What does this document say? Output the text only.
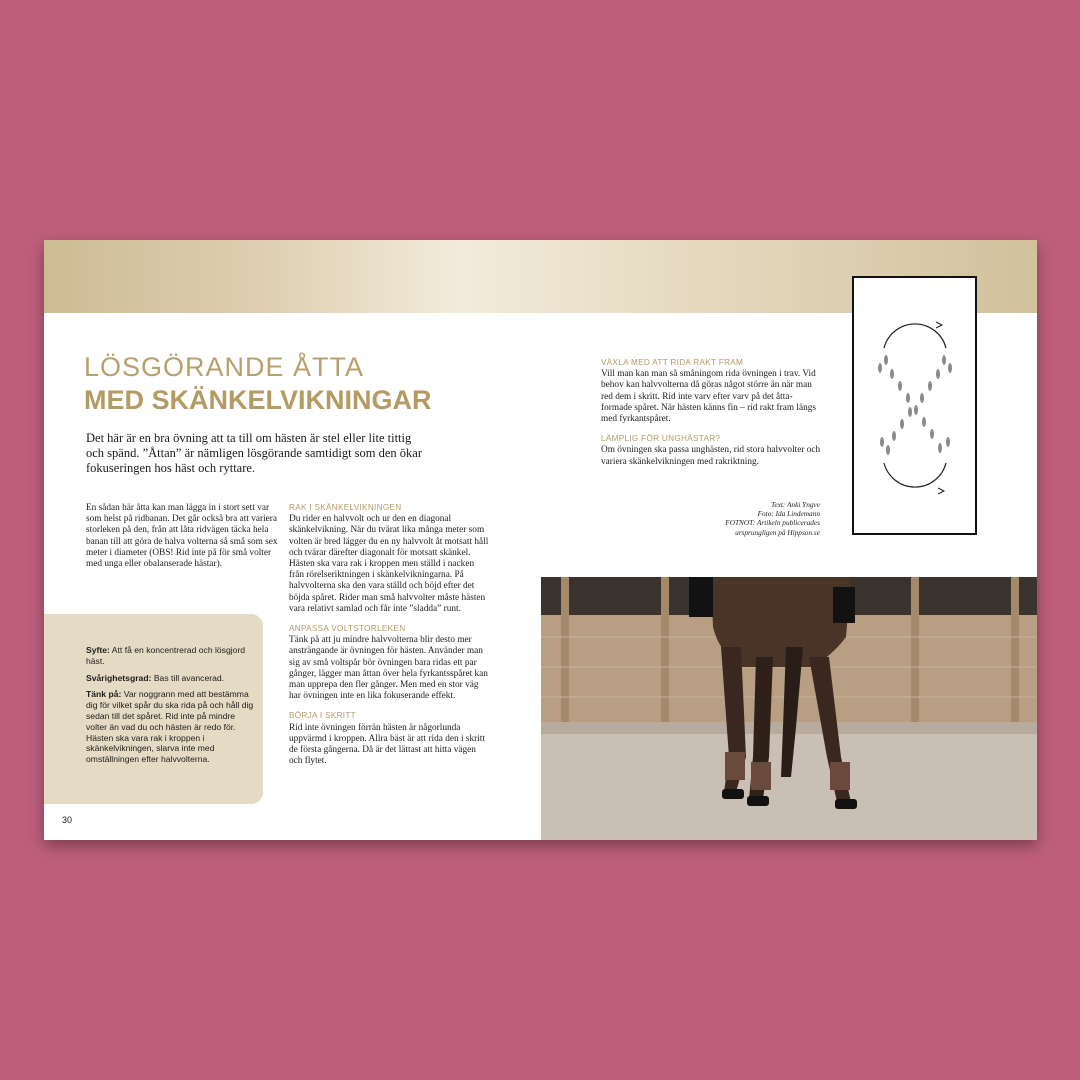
LÖSGÖRANDE ÅTTA
MED SKÄNKELVIKNINGAR
Det här är en bra övning att ta till om hästen är stel eller lite tittig och spänd. ”Åttan” är nämligen lösgörande samtidigt som den ökar fokuseringen hos häst och ryttare.
En sådan här åtta kan man lägga in i stort sett var som helst på ridbanan. Det går också bra att variera storleken på den, från att låta ridvägen täcka hela banan till att göra de halva volterna så små som sex meter i diameter (OBS! Rid inte på för små volter med unga eller obalanserade hästar).
RAK I SKÄNKELVIKNINGEN
Du rider en halvvolt och ur den en diagonal skänkelvikning. När du tvärat lika många meter som volten är bred lägger du en ny halvvolt åt motsatt håll och tvärar därefter diagonalt för motsatt skänkel. Hästen ska vara rak i kroppen men ställd i nacken från rörelseriktningen i skänkelvikningarna. På halvvolterna ska den vara ställd och böjd efter det böjda spåret. Rider man små halvvolter måste hästen vara relativt samlad och får inte ”sladda” runt.
ANPASSA VOLTSTORLEKEN
Tänk på att ju mindre halvvolterna blir desto mer ansträngande är övningen för hästen. Använder man sig av små voltspår bör övningen bara ridas ett par gånger, lägger man åttan över hela fyrkantsspåret kan man upprepa den fler gånger. Men med en stor väg har övningen inte en lika fokuserande effekt.
BÖRJA I SKRITT
Rid inte övningen förrän hästen är någorlunda uppvärmd i kroppen. Allra bäst är att rida den i skritt de första gångerna. Då är det lättast att hitta vägen och flytet.
VÄXLA MED ATT RIDA RAKT FRAM
Vill man kan man så småningom rida övningen i trav. Vid behov kan halvvolterna då göras något större än när man red dem i skritt. Rid inte varv efter varv på det åtta-formade spåret. När hästen känns fin – rid rakt fram längs med fyrkantspåret.
LÄMPLIG FÖR UNGHÄSTAR?
Om övningen ska passa unghästen, rid stora halvvolter och variera skänkelvikningen med rakriktning.
Text: Anki Yngve
Foto: Ida Lindemann
FOTNOT: Artikeln publicerades
ursprungligen på Hippson.se

Syfte: Att få en koncentrerad och lösgjord häst.

Svårighetsgrad: Bas till avancerad.

Tänk på: Var noggrann med att bestämma dig för vilket spår du ska rida på och håll dig sedan till det spåret. Rid inte på mindre volter än vad du och hästen är redo för. Hästen ska vara rak i kroppen i skänkelvikningen, slarva inte med omställningen efter halvvolterna.

30
